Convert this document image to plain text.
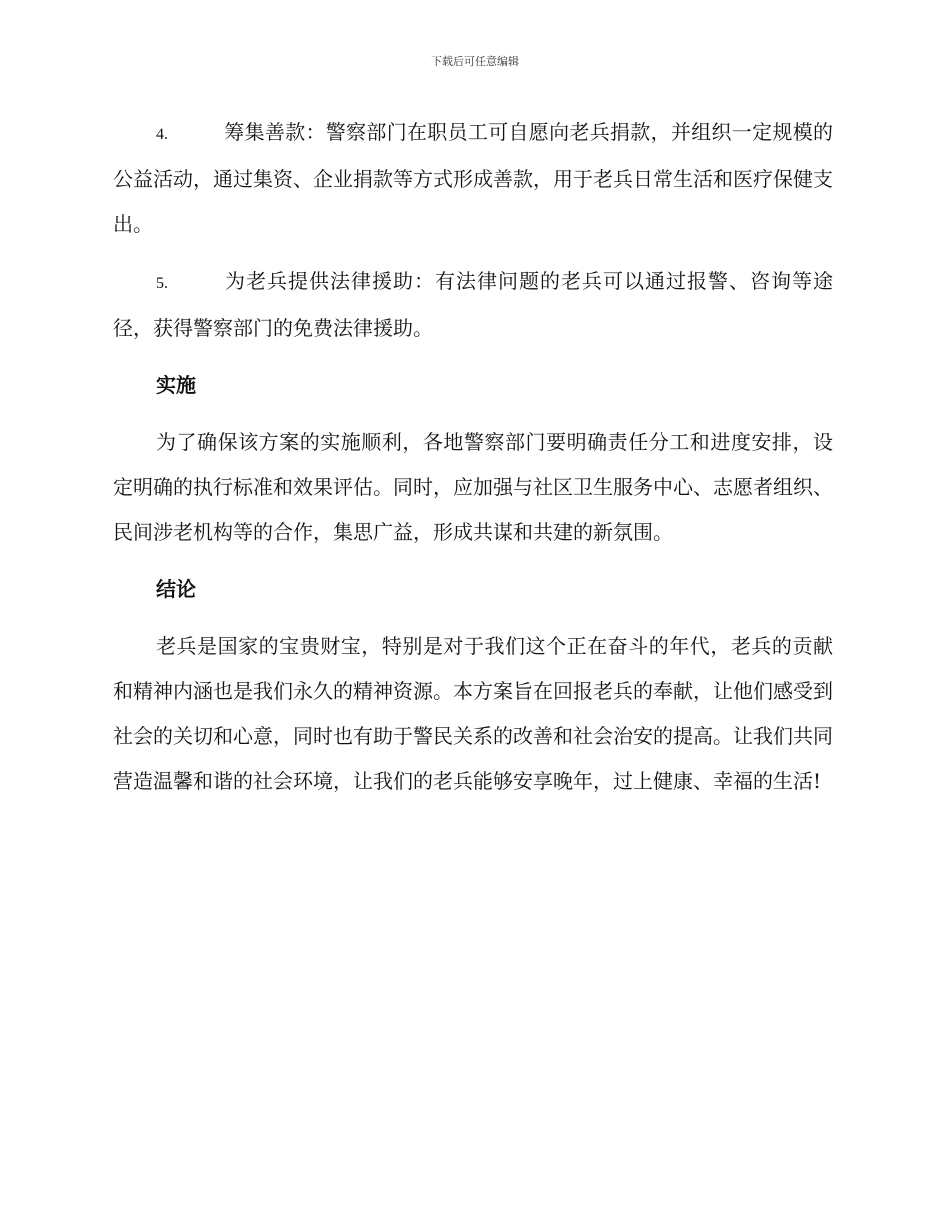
下载后可任意编辑

4.	筹集善款：警察部门在职员工可自愿向老兵捐款，并组织一定规模的公益活动，通过集资、企业捐款等方式形成善款，用于老兵日常生活和医疗保健支出。

5.	为老兵提供法律援助：有法律问题的老兵可以通过报警、咨询等途径，获得警察部门的免费法律援助。

实施

为了确保该方案的实施顺利，各地警察部门要明确责任分工和进度安排，设定明确的执行标准和效果评估。同时，应加强与社区卫生服务中心、志愿者组织、民间涉老机构等的合作，集思广益，形成共谋和共建的新氛围。

结论

老兵是国家的宝贵财宝，特别是对于我们这个正在奋斗的年代，老兵的贡献和精神内涵也是我们永久的精神资源。本方案旨在回报老兵的奉献，让他们感受到社会的关切和心意，同时也有助于警民关系的改善和社会治安的提高。让我们共同营造温馨和谐的社会环境，让我们的老兵能够安享晚年，过上健康、幸福的生活!
